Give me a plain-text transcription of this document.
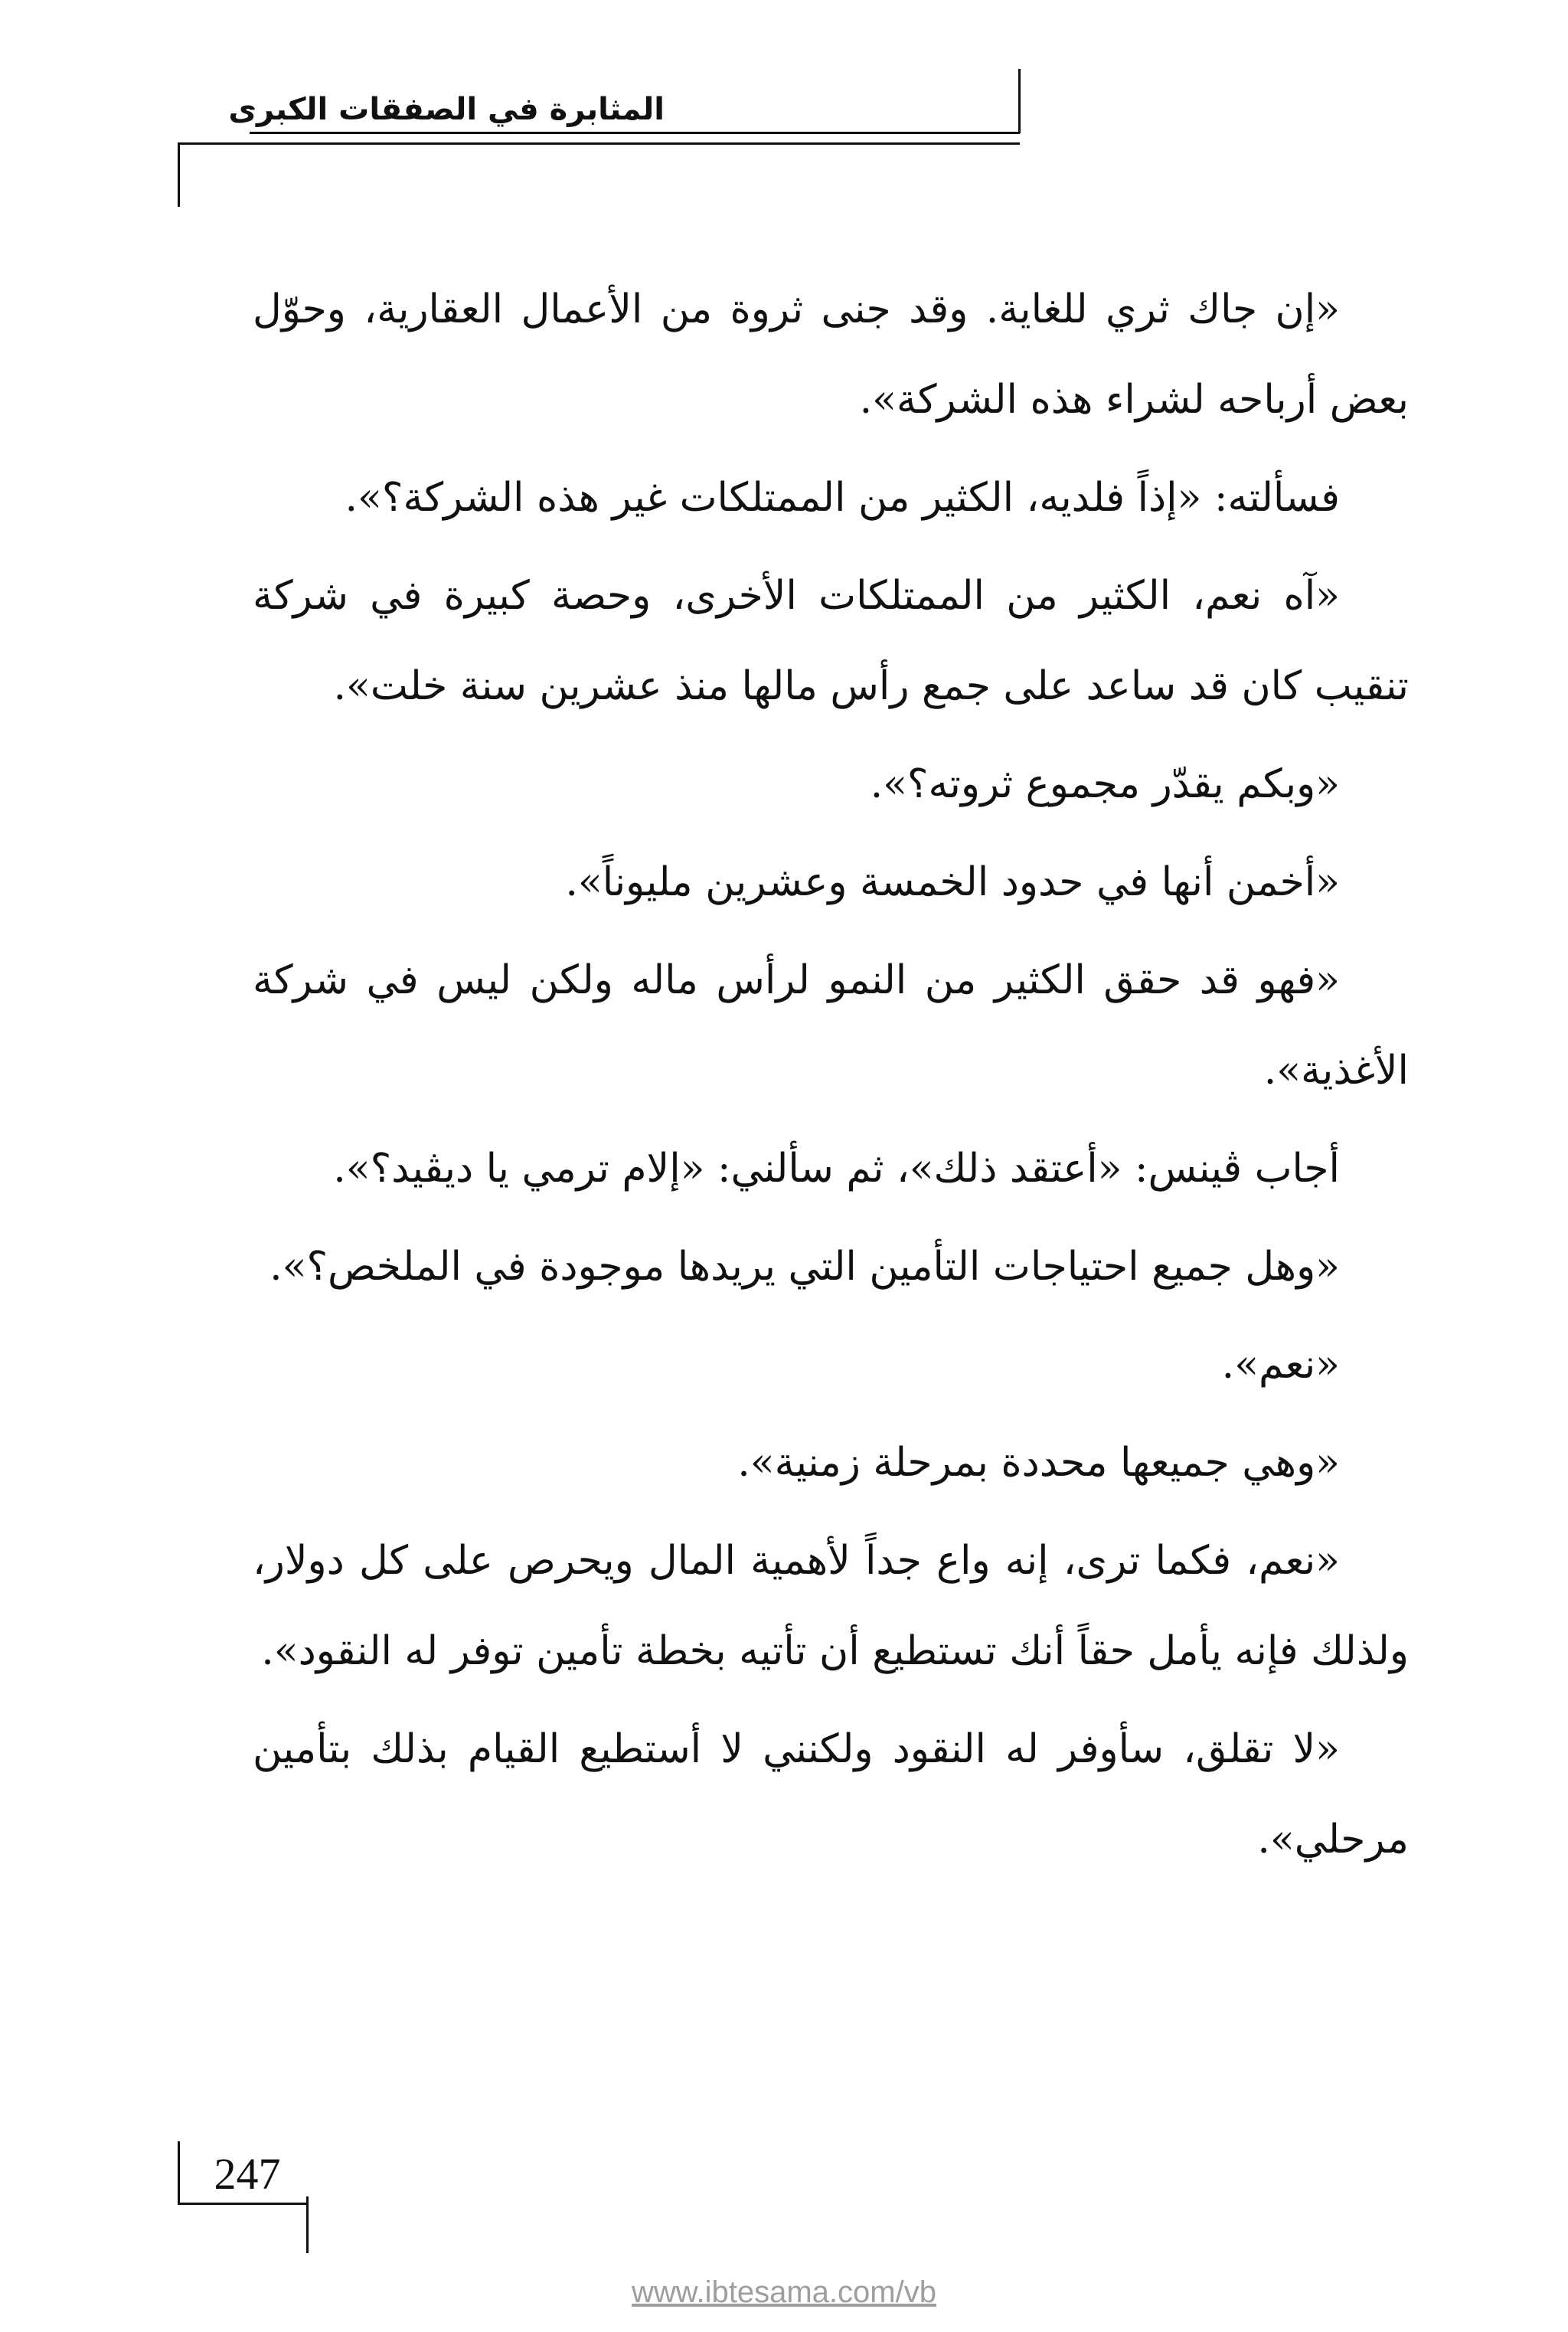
المثابرة في الصفقات الكبرى

«إن جاك ثري للغاية. وقد جنى ثروة من الأعمال العقارية، وحوّل بعض أرباحه لشراء هذه الشركة».

فسألته: «إذاً فلديه، الكثير من الممتلكات غير هذه الشركة؟».

«آه نعم، الكثير من الممتلكات الأخرى، وحصة كبيرة في شركة تنقيب كان قد ساعد على جمع رأس مالها منذ عشرين سنة خلت».

«وبكم يقدّر مجموع ثروته؟».

«أخمن أنها في حدود الخمسة وعشرين مليوناً».

«فهو قد حقق الكثير من النمو لرأس ماله ولكن ليس في شركة الأغذية».

أجاب ڤينس: «أعتقد ذلك»، ثم سألني: «إلام ترمي يا ديڤيد؟».

«وهل جميع احتياجات التأمين التي يريدها موجودة في الملخص؟».

«نعم».

«وهي جميعها محددة بمرحلة زمنية».

«نعم، فكما ترى، إنه واع جداً لأهمية المال ويحرص على كل دولار، ولذلك فإنه يأمل حقاً أنك تستطيع أن تأتيه بخطة تأمين توفر له النقود».

«لا تقلق، سأوفر له النقود ولكنني لا أستطيع القيام بذلك بتأمين مرحلي».

247
www.ibtesama.com/vb
